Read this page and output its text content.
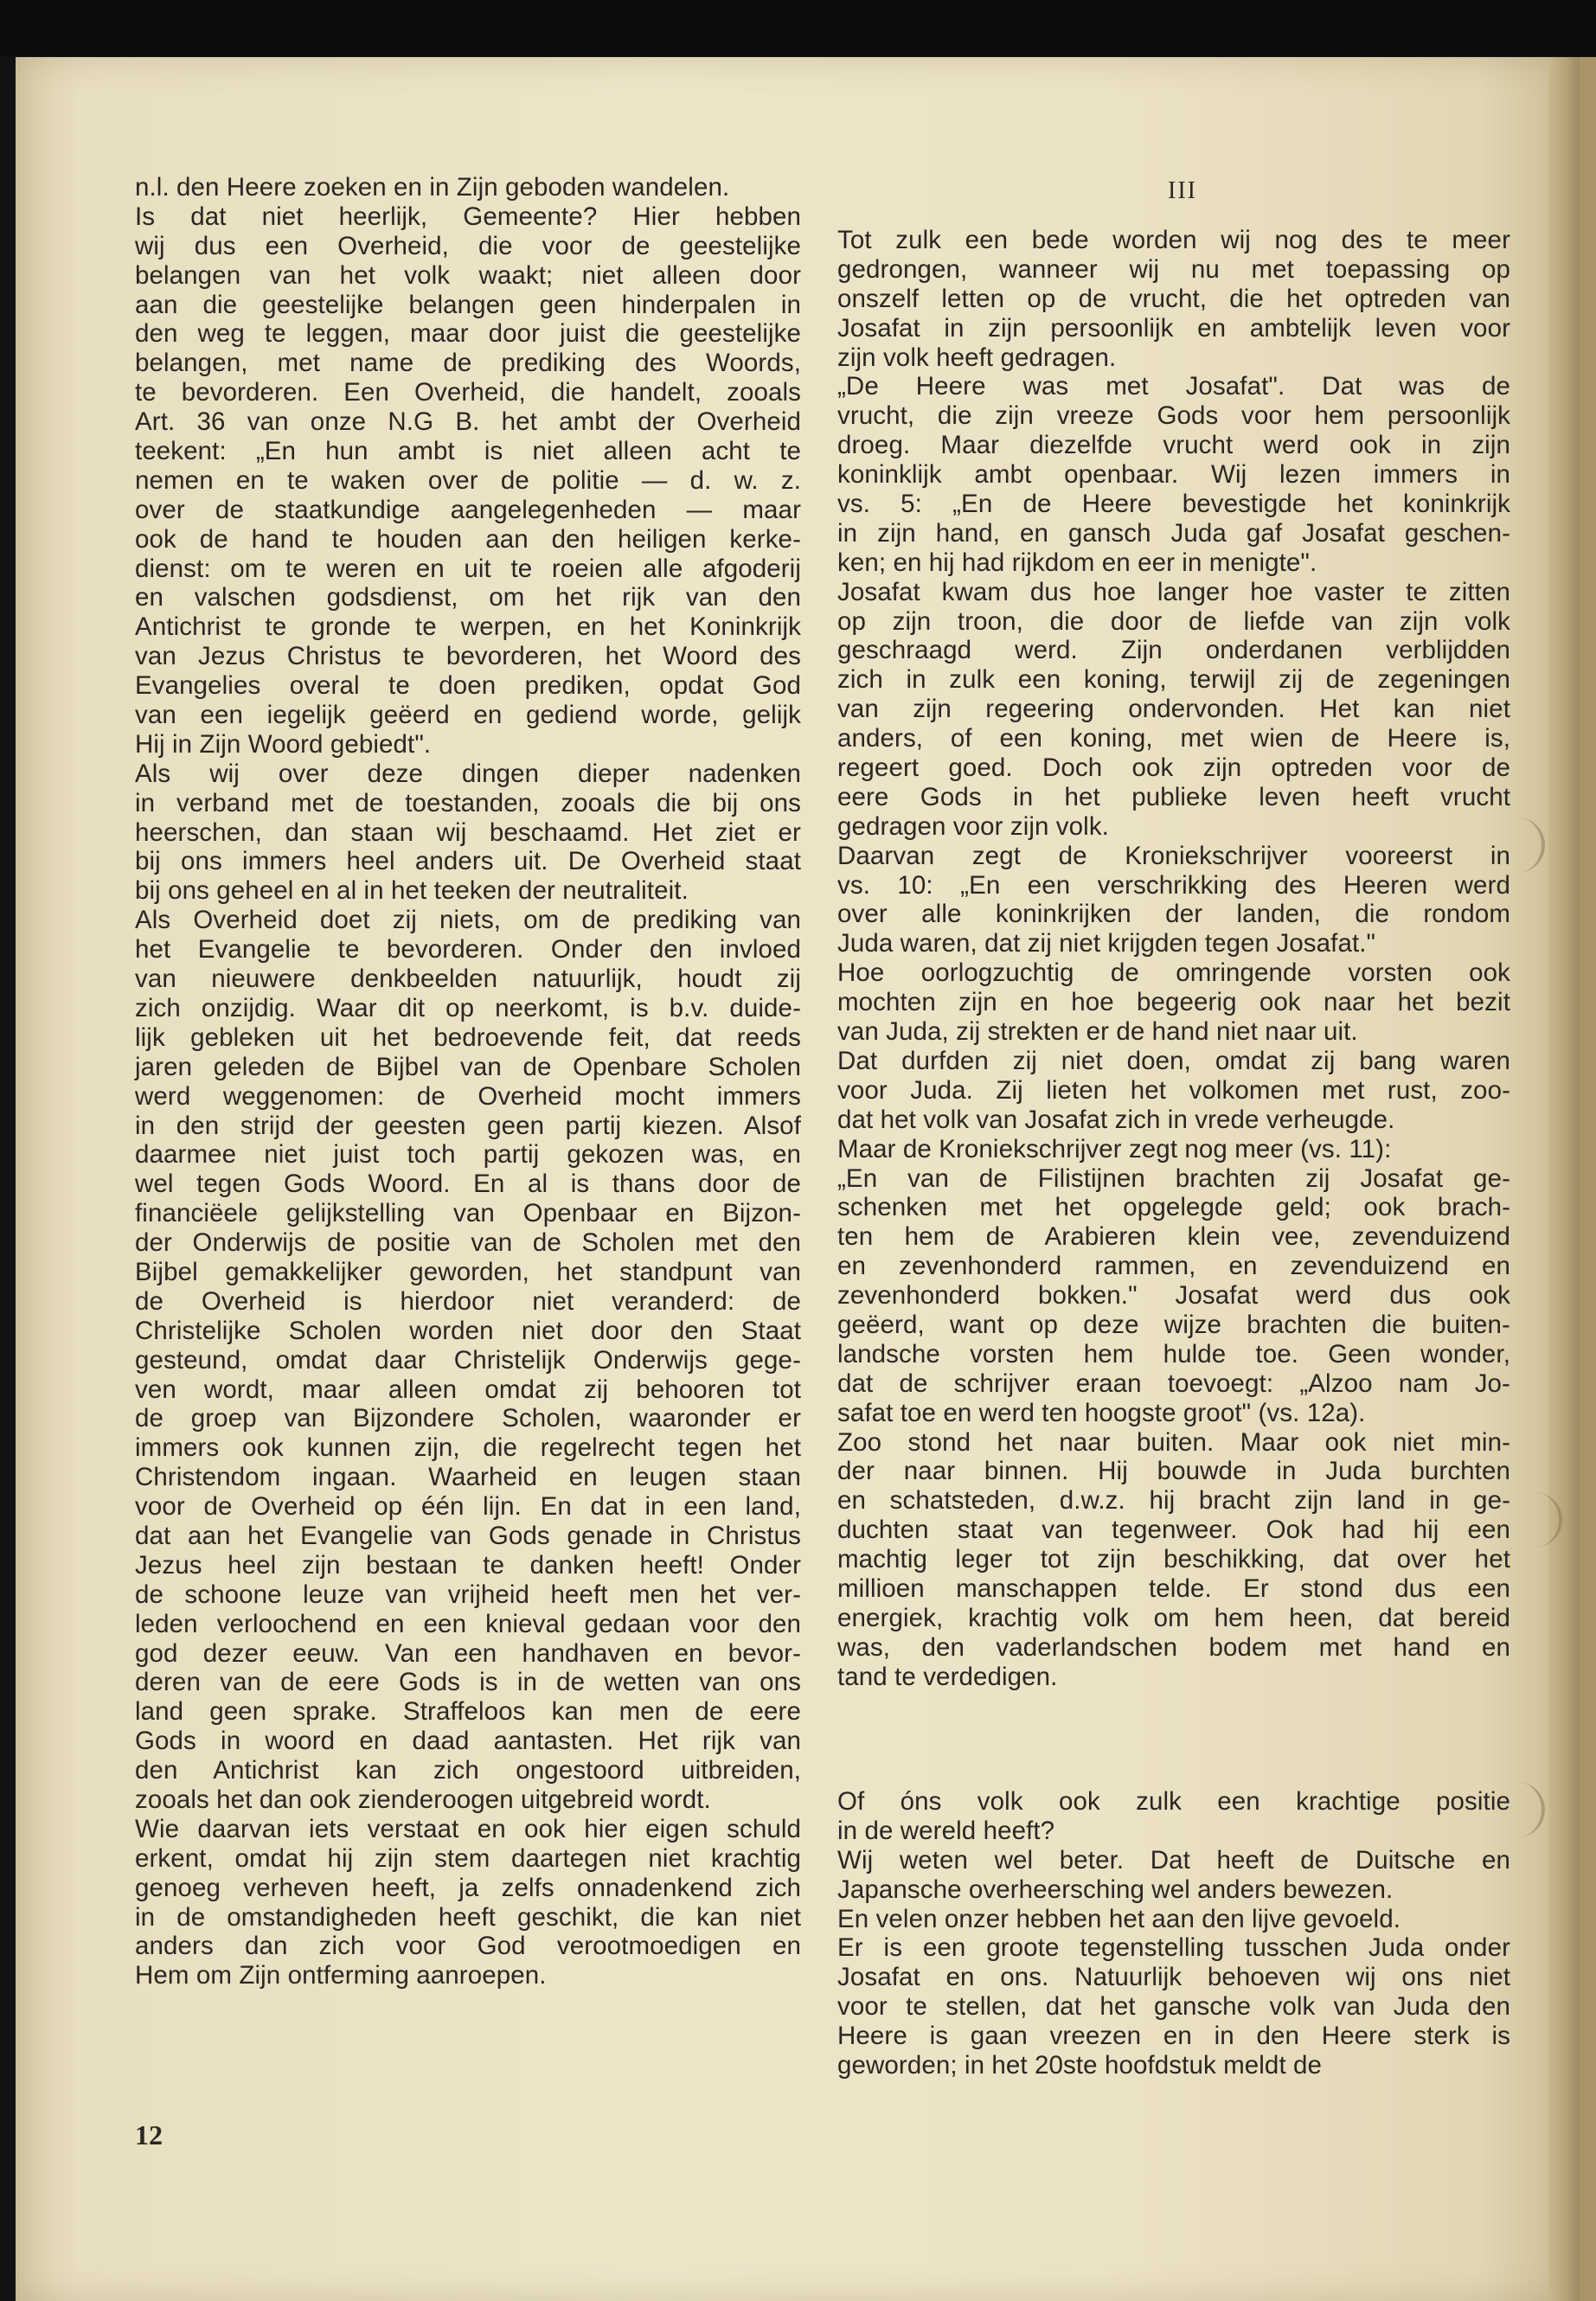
III
n.l. den Heere zoeken en in Zijn geboden wandelen.
Is dat niet heerlijk, Gemeente? Hier hebben
wij dus een Overheid, die voor de geestelijke
belangen van het volk waakt; niet alleen door
aan die geestelijke belangen geen hinderpalen in
den weg te leggen, maar door juist die geestelijke
belangen, met name de prediking des Woords,
te bevorderen. Een Overheid, die handelt, zooals
Art. 36 van onze N.G B. het ambt der Overheid
teekent: „En hun ambt is niet alleen acht te
nemen en te waken over de politie — d. w. z.
over de staatkundige aangelegenheden — maar
ook de hand te houden aan den heiligen kerke-
dienst: om te weren en uit te roeien alle afgoderij
en valschen godsdienst, om het rijk van den
Antichrist te gronde te werpen, en het Koninkrijk
van Jezus Christus te bevorderen, het Woord des
Evangelies overal te doen prediken, opdat God
van een iegelijk geëerd en gediend worde, gelijk
Hij in Zijn Woord gebiedt".
Als wij over deze dingen dieper nadenken
in verband met de toestanden, zooals die bij ons
heerschen, dan staan wij beschaamd. Het ziet er
bij ons immers heel anders uit. De Overheid staat
bij ons geheel en al in het teeken der neutraliteit.
Als Overheid doet zij niets, om de prediking van
het Evangelie te bevorderen. Onder den invloed
van nieuwere denkbeelden natuurlijk, houdt zij
zich onzijdig. Waar dit op neerkomt, is b.v. duide-
lijk gebleken uit het bedroevende feit, dat reeds
jaren geleden de Bijbel van de Openbare Scholen
werd weggenomen: de Overheid mocht immers
in den strijd der geesten geen partij kiezen. Alsof
daarmee niet juist toch partij gekozen was, en
wel tegen Gods Woord. En al is thans door de
financiëele gelijkstelling van Openbaar en Bijzon-
der Onderwijs de positie van de Scholen met den
Bijbel gemakkelijker geworden, het standpunt van
de Overheid is hierdoor niet veranderd: de
Christelijke Scholen worden niet door den Staat
gesteund, omdat daar Christelijk Onderwijs gege-
ven wordt, maar alleen omdat zij behooren tot
de groep van Bijzondere Scholen, waaronder er
immers ook kunnen zijn, die regelrecht tegen het
Christendom ingaan. Waarheid en leugen staan
voor de Overheid op één lijn. En dat in een land,
dat aan het Evangelie van Gods genade in Christus
Jezus heel zijn bestaan te danken heeft! Onder
de schoone leuze van vrijheid heeft men het ver-
leden verloochend en een knieval gedaan voor den
god dezer eeuw. Van een handhaven en bevor-
deren van de eere Gods is in de wetten van ons
land geen sprake. Straffeloos kan men de eere
Gods in woord en daad aantasten. Het rijk van
den Antichrist kan zich ongestoord uitbreiden,
zooals het dan ook zienderoogen uitgebreid wordt.
Wie daarvan iets verstaat en ook hier eigen schuld
erkent, omdat hij zijn stem daartegen niet krachtig
genoeg verheven heeft, ja zelfs onnadenkend zich
in de omstandigheden heeft geschikt, die kan niet
anders dan zich voor God verootmoedigen en
Hem om Zijn ontferming aanroepen.
Tot zulk een bede worden wij nog des te meer
gedrongen, wanneer wij nu met toepassing op
onszelf letten op de vrucht, die het optreden van
Josafat in zijn persoonlijk en ambtelijk leven voor
zijn volk heeft gedragen.
„De Heere was met Josafat". Dat was de
vrucht, die zijn vreeze Gods voor hem persoonlijk
droeg. Maar diezelfde vrucht werd ook in zijn
koninklijk ambt openbaar. Wij lezen immers in
vs. 5: „En de Heere bevestigde het koninkrijk
in zijn hand, en gansch Juda gaf Josafat geschen-
ken; en hij had rijkdom en eer in menigte".
Josafat kwam dus hoe langer hoe vaster te zitten
op zijn troon, die door de liefde van zijn volk
geschraagd werd. Zijn onderdanen verblijdden
zich in zulk een koning, terwijl zij de zegeningen
van zijn regeering ondervonden. Het kan niet
anders, of een koning, met wien de Heere is,
regeert goed. Doch ook zijn optreden voor de
eere Gods in het publieke leven heeft vrucht
gedragen voor zijn volk.
Daarvan zegt de Kroniekschrijver vooreerst in
vs. 10: „En een verschrikking des Heeren werd
over alle koninkrijken der landen, die rondom
Juda waren, dat zij niet krijgden tegen Josafat."
Hoe oorlogzuchtig de omringende vorsten ook
mochten zijn en hoe begeerig ook naar het bezit
van Juda, zij strekten er de hand niet naar uit.
Dat durfden zij niet doen, omdat zij bang waren
voor Juda. Zij lieten het volkomen met rust, zoo-
dat het volk van Josafat zich in vrede verheugde.
Maar de Kroniekschrijver zegt nog meer (vs. 11):
„En van de Filistijnen brachten zij Josafat ge-
schenken met het opgelegde geld; ook brach-
ten hem de Arabieren klein vee, zevenduizend
en zevenhonderd rammen, en zevenduizend en
zevenhonderd bokken." Josafat werd dus ook
geëerd, want op deze wijze brachten die buiten-
landsche vorsten hem hulde toe. Geen wonder,
dat de schrijver eraan toevoegt: „Alzoo nam Jo-
safat toe en werd ten hoogste groot" (vs. 12a).
Zoo stond het naar buiten. Maar ook niet min-
der naar binnen. Hij bouwde in Juda burchten
en schatsteden, d.w.z. hij bracht zijn land in ge-
duchten staat van tegenweer. Ook had hij een
machtig leger tot zijn beschikking, dat over het
millioen manschappen telde. Er stond dus een
energiek, krachtig volk om hem heen, dat bereid
was, den vaderlandschen bodem met hand en
tand te verdedigen.
Of óns volk ook zulk een krachtige positie
in de wereld heeft?
Wij weten wel beter. Dat heeft de Duitsche en
Japansche overheersching wel anders bewezen.
En velen onzer hebben het aan den lijve gevoeld.
Er is een groote tegenstelling tusschen Juda onder
Josafat en ons. Natuurlijk behoeven wij ons niet
voor te stellen, dat het gansche volk van Juda den
Heere is gaan vreezen en in den Heere sterk is
geworden; in het 20ste hoofdstuk meldt de
12
